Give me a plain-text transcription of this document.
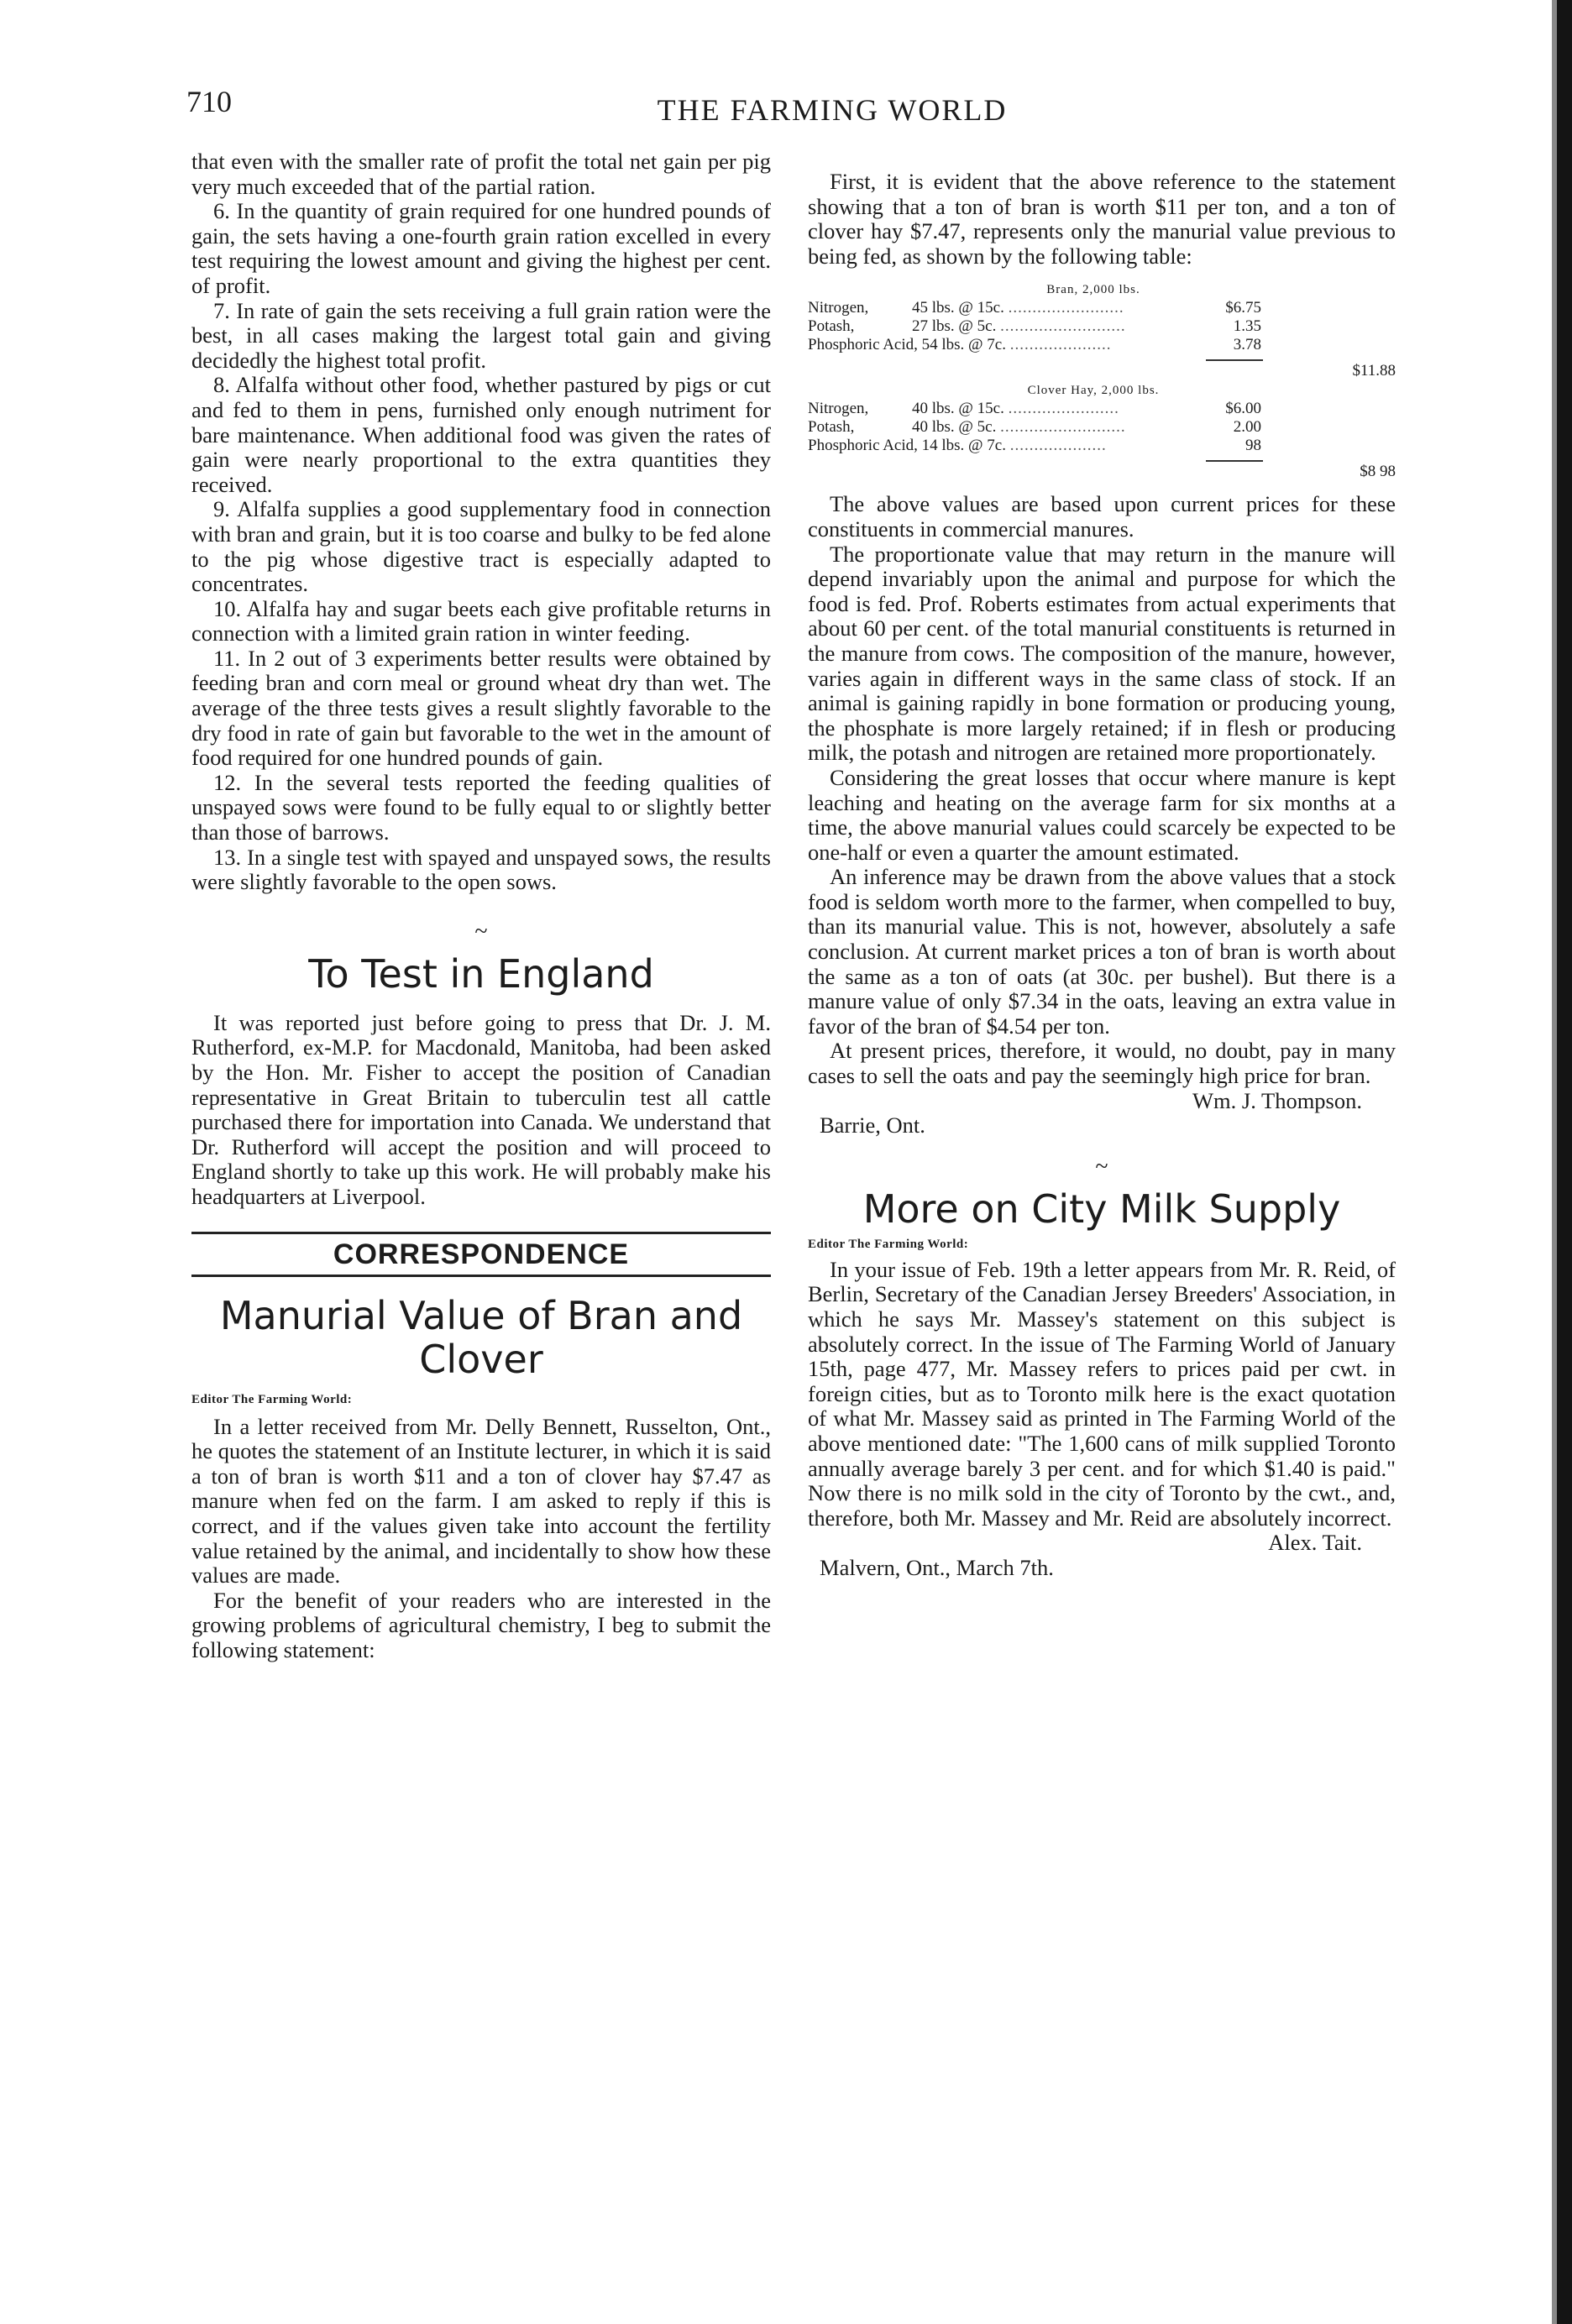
710	THE FARMING WORLD

that even with the smaller rate of profit the total net gain per pig very much exceeded that of the partial ration.

6. In the quantity of grain required for one hundred pounds of gain, the sets having a one-fourth grain ration excelled in every test requiring the lowest amount and giving the highest per cent. of profit.

7. In rate of gain the sets receiving a full grain ration were the best, in all cases making the largest total gain and giving decidedly the highest total profit.

8. Alfalfa without other food, whether pastured by pigs or cut and fed to them in pens, furnished only enough nutriment for bare maintenance. When additional food was given the rates of gain were nearly proportional to the extra quantities they received.

9. Alfalfa supplies a good supplementary food in connection with bran and grain, but it is too coarse and bulky to be fed alone to the pig whose digestive tract is especially adapted to concentrates.

10. Alfalfa hay and sugar beets each give profitable returns in connection with a limited grain ration in winter feeding.

11. In 2 out of 3 experiments better results were obtained by feeding bran and corn meal or ground wheat dry than wet. The average of the three tests gives a result slightly favorable to the dry food in rate of gain but favorable to the wet in the amount of food required for one hundred pounds of gain.

12. In the several tests reported the feeding qualities of unspayed sows were found to be fully equal to or slightly better than those of barrows.

13. In a single test with spayed and unspayed sows, the results were slightly favorable to the open sows.

~
To Test in England

It was reported just before going to press that Dr. J. M. Rutherford, ex-M.P. for Macdonald, Manitoba, had been asked by the Hon. Mr. Fisher to accept the position of Canadian representative in Great Britain to tuberculin test all cattle purchased there for importation into Canada. We understand that Dr. Rutherford will accept the position and will proceed to England shortly to take up this work. He will probably make his headquarters at Liverpool.

CORRESPONDENCE
Manurial Value of Bran and Clover

Editor The Farming World:

In a letter received from Mr. Delly Bennett, Russelton, Ont., he quotes the statement of an Institute lecturer, in which it is said a ton of bran is worth $11 and a ton of clover hay $7.47 as manure when fed on the farm. I am asked to reply if this is correct, and if the values given take into account the fertility value retained by the animal, and incidentally to show how these values are made.

For the benefit of your readers who are interested in the growing problems of agricultural chemistry, I beg to submit the following statement:

First, it is evident that the above reference to the statement showing that a ton of bran is worth $11 per ton, and a ton of clover hay $7.47, represents only the manurial value previous to being fed, as shown by the following table:

Bran, 2,000 lbs.
Nitrogen,	45 lbs. @ 15c. ........................	$6.75
Potash,	27 lbs. @ 5c. ..........................	1.35
Phosphoric Acid, 54 lbs. @ 7c. .....................		3.78
$11.88
Clover Hay, 2,000 lbs.
Nitrogen,	40 lbs. @ 15c. .......................	$6.00
Potash,	40 lbs. @ 5c. ..........................	2.00
Phosphoric Acid, 14 lbs. @ 7c. ....................		98
$8 98

The above values are based upon current prices for these constituents in commercial manures.

The proportionate value that may return in the manure will depend invariably upon the animal and purpose for which the food is fed. Prof. Roberts estimates from actual experiments that about 60 per cent. of the total manurial constituents is returned in the manure from cows. The composition of the manure, however, varies again in different ways in the same class of stock. If an animal is gaining rapidly in bone formation or producing young, the phosphate is more largely retained; if in flesh or producing milk, the potash and nitrogen are retained more proportionately.

Considering the great losses that occur where manure is kept leaching and heating on the average farm for six months at a time, the above manurial values could scarcely be expected to be one-half or even a quarter the amount estimated.

An inference may be drawn from the above values that a stock food is seldom worth more to the farmer, when compelled to buy, than its manurial value. This is not, however, absolutely a safe conclusion. At current market prices a ton of bran is worth about the same as a ton of oats (at 30c. per bushel). But there is a manure value of only $7.34 in the oats, leaving an extra value in favor of the bran of $4.54 per ton.

At present prices, therefore, it would, no doubt, pay in many cases to sell the oats and pay the seemingly high price for bran.

Wm. J. Thompson.

Barrie, Ont.

~
More on City Milk Supply

Editor The Farming World:

In your issue of Feb. 19th a letter appears from Mr. R. Reid, of Berlin, Secretary of the Canadian Jersey Breeders' Association, in which he says Mr. Massey's statement on this subject is absolutely correct. In the issue of The Farming World of January 15th, page 477, Mr. Massey refers to prices paid per cwt. in foreign cities, but as to Toronto milk here is the exact quotation of what Mr. Massey said as printed in The Farming World of the above mentioned date: "The 1,600 cans of milk supplied Toronto annually average barely 3 per cent. and for which $1.40 is paid." Now there is no milk sold in the city of Toronto by the cwt., and, therefore, both Mr. Massey and Mr. Reid are absolutely incorrect.

Alex. Tait.

Malvern, Ont., March 7th.
